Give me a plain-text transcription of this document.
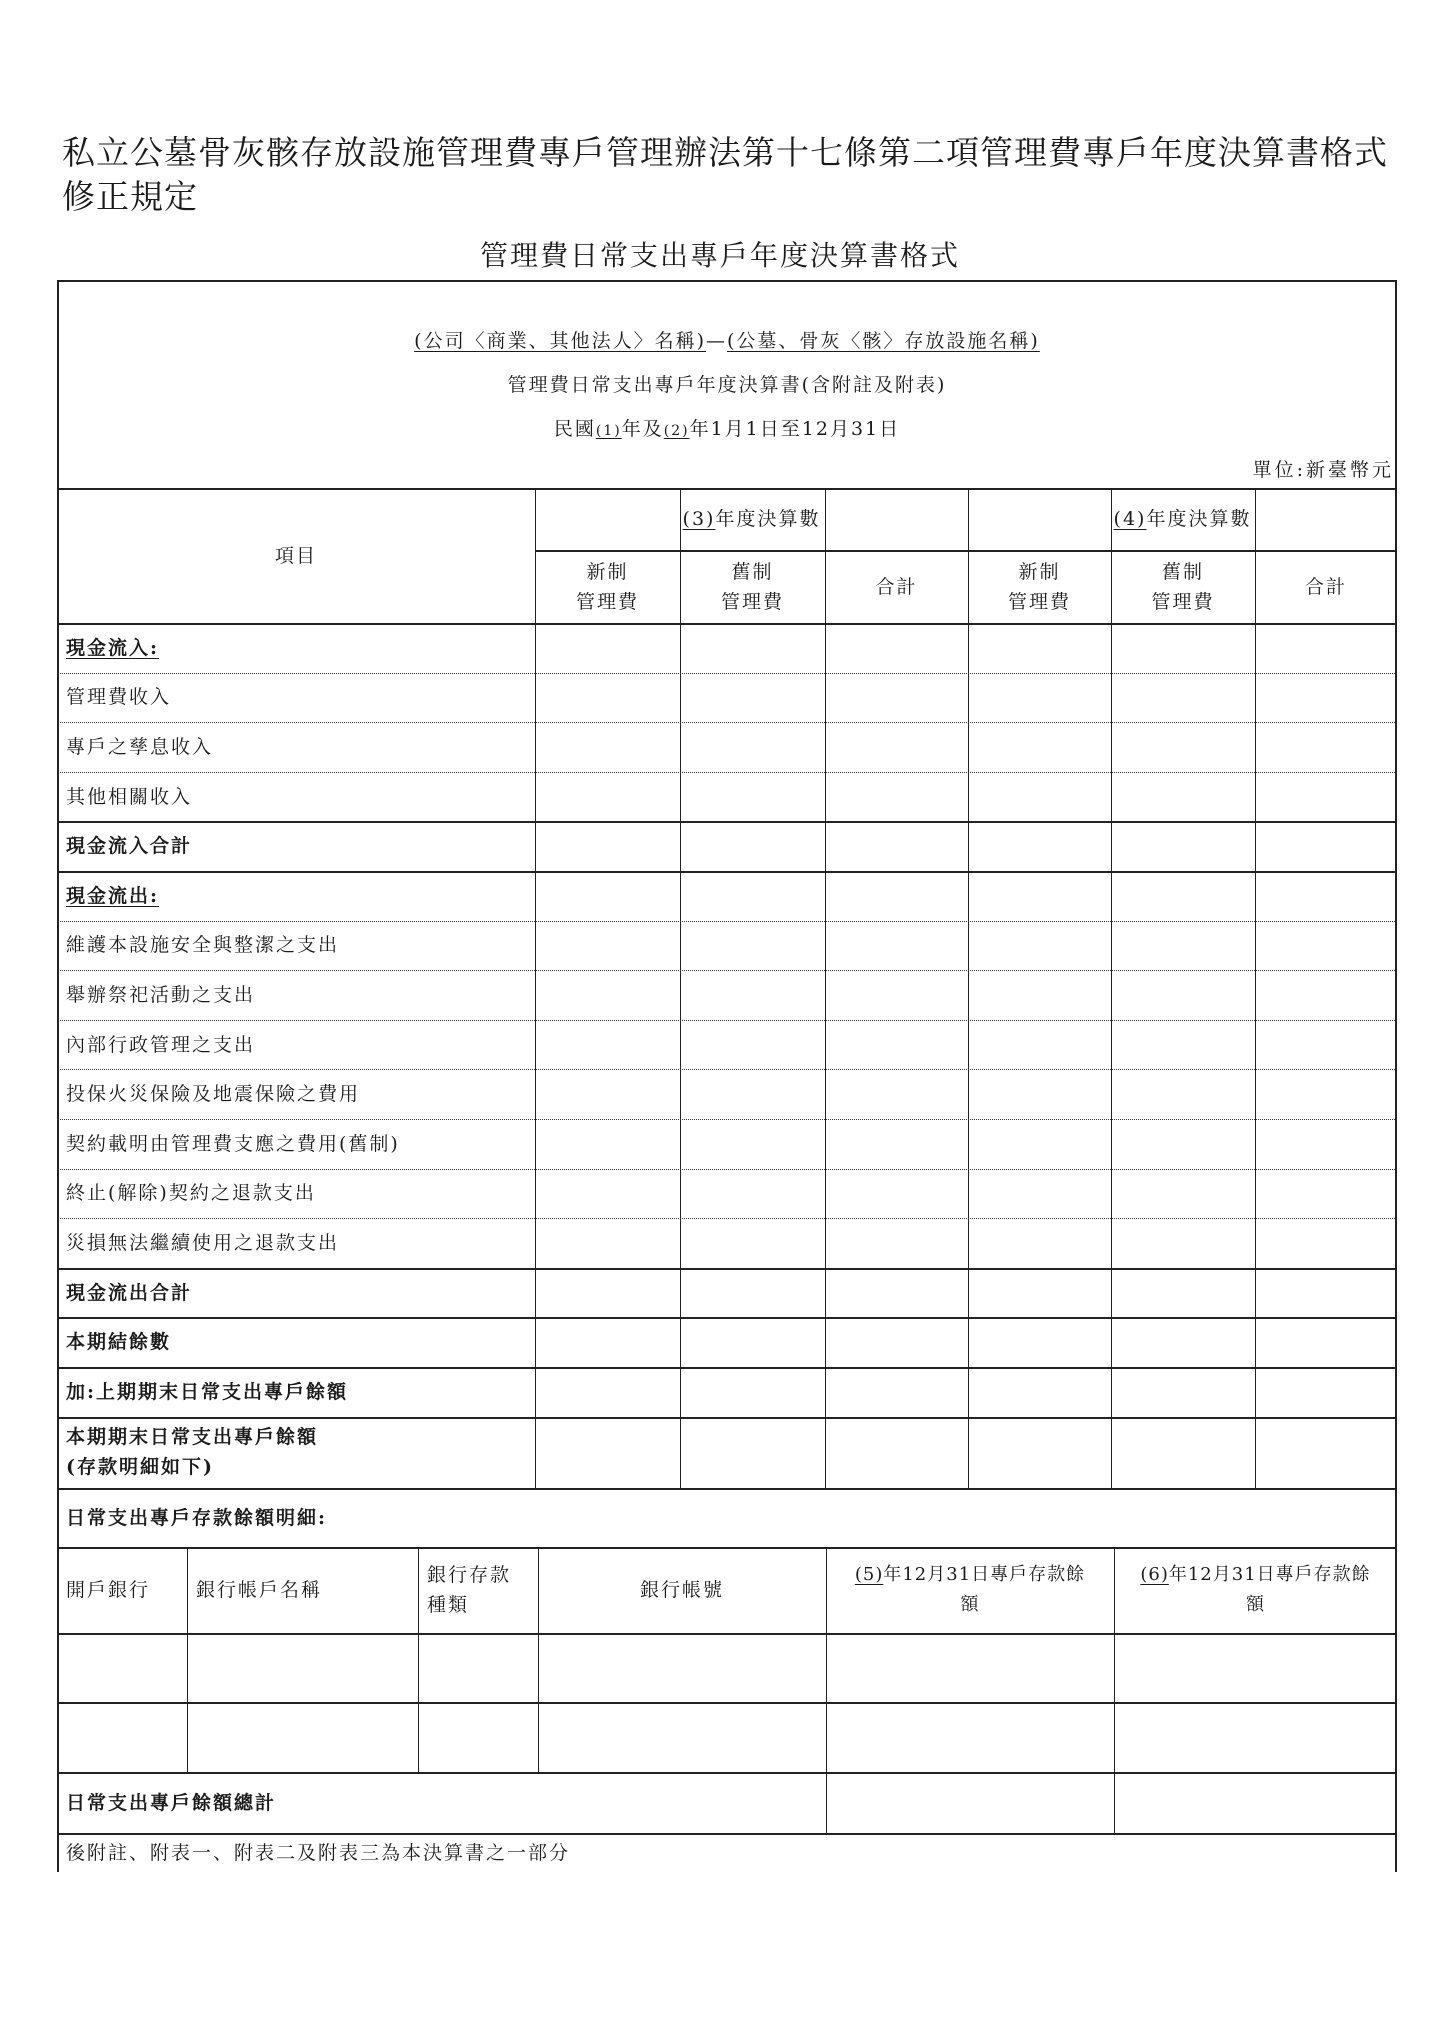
私立公墓骨灰骸存放設施管理費專戶管理辦法第十七條第二項管理費專戶年度決算書格式
修正規定
管理費日常支出專戶年度決算書格式
(公司〈商業、其他法人〉名稱)—(公墓、骨灰〈骸〉存放設施名稱)
管理費日常支出專戶年度決算書(含附註及附表)
民國(1)年及(2)年1月1日至12月31日
單位:新臺幣元
項目
(3) 年度決算數
新制
管理費
舊制
管理費
合計
(4) 年度決算數
新制
管理費
舊制
管理費
合計
現金流入:
管理費收入
專戶之孳息收入
其他相關收入
現金流入合計
現金流出:
維護本設施安全與整潔之支出
舉辦祭祀活動之支出
內部行政管理之支出
投保火災保險及地震保險之費用
契約載明由管理費支應之費用(舊制)
終止(解除)契約之退款支出
災損無法繼續使用之退款支出
現金流出合計
本期結餘數
加:上期期末日常支出專戶餘額
本期期末日常支出專戶餘額
(存款明細如下)
日常支出專戶存款餘額明細:
開戶銀行 銀行帳戶名稱
銀行存款
種類
銀行帳號
(5)年12月31日專戶存款餘
額
(6)年12月31日專戶存款餘
額
日常支出專戶餘額總計
後附註、附表一、附表二及附表三為本決算書之一部分
